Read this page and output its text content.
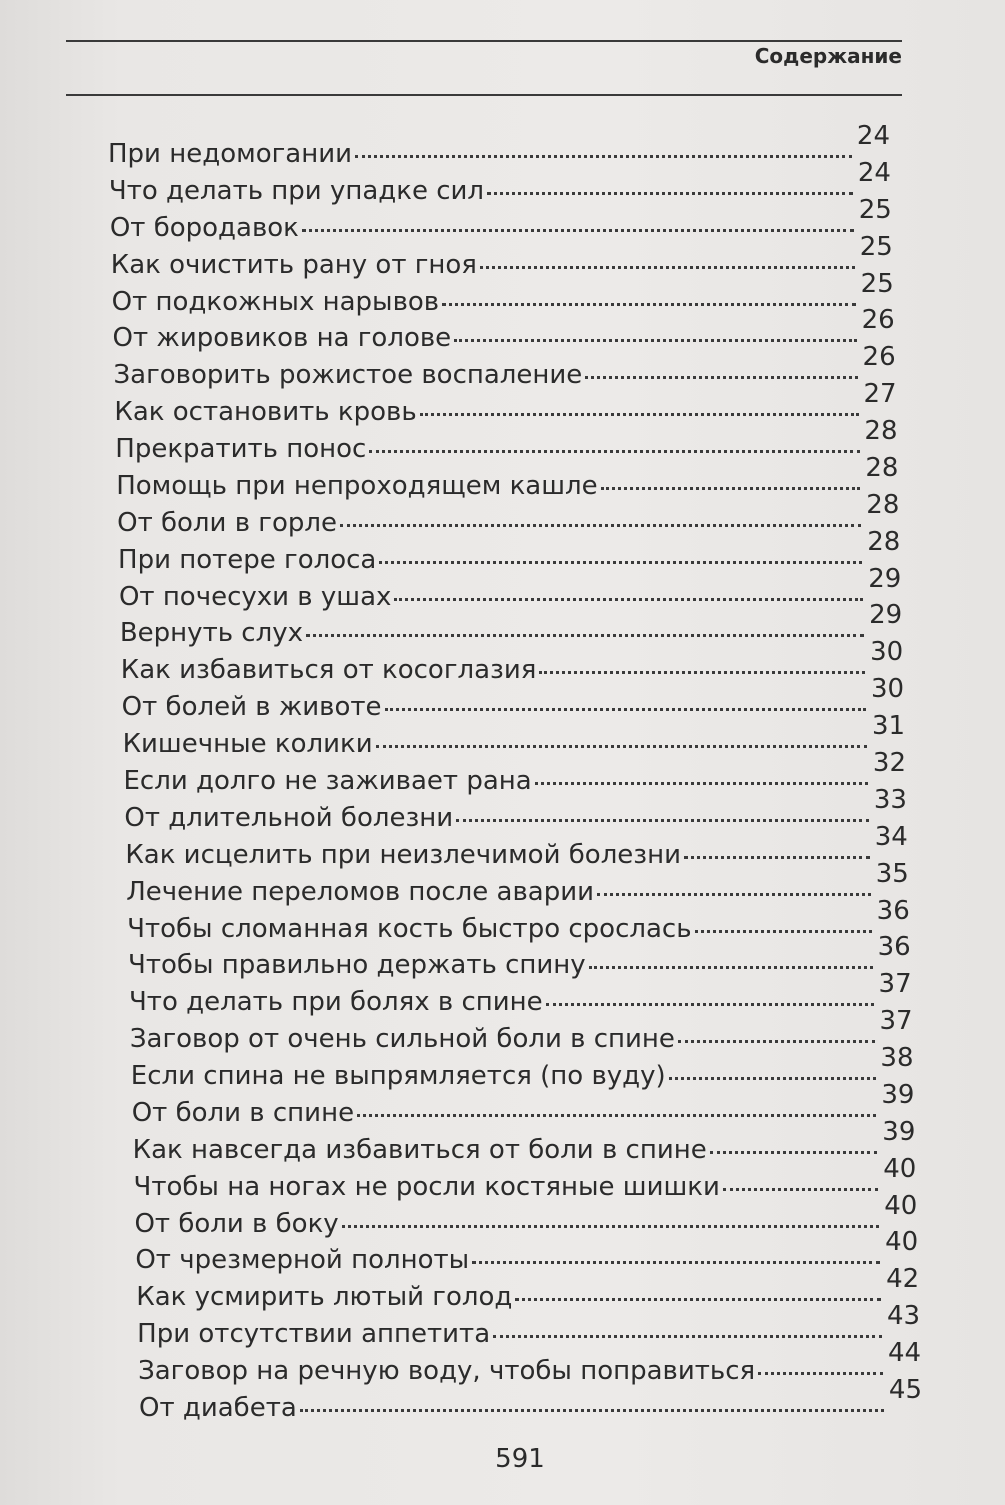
Содержание
При недомогании
24
Что делать при упадке сил
24
От бородавок
25
Как очистить рану от гноя
25
От подкожных нарывов
25
От жировиков на голове
26
Заговорить рожистое воспаление
26
Как остановить кровь
27
Прекратить понос
28
Помощь при непроходящем кашле
28
От боли в горле
28
При потере голоса
28
От почесухи в ушах
29
Вернуть слух
29
Как избавиться от косоглазия
30
От болей в животе
30
Кишечные колики
31
Если долго не заживает рана
32
От длительной болезни
33
Как исцелить при неизлечимой болезни
34
Лечение переломов после аварии
35
Чтобы сломанная кость быстро срослась
36
Чтобы правильно держать спину
36
Что делать при болях в спине
37
Заговор от очень сильной боли в спине
37
Если спина не выпрямляется (по вуду)
38
От боли в спине
39
Как навсегда избавиться от боли в спине
39
Чтобы на ногах не росли костяные шишки
40
От боли в боку
40
От чрезмерной полноты
40
Как усмирить лютый голод
42
При отсутствии аппетита
43
Заговор на речную воду, чтобы поправиться
44
От диабета
45
591
